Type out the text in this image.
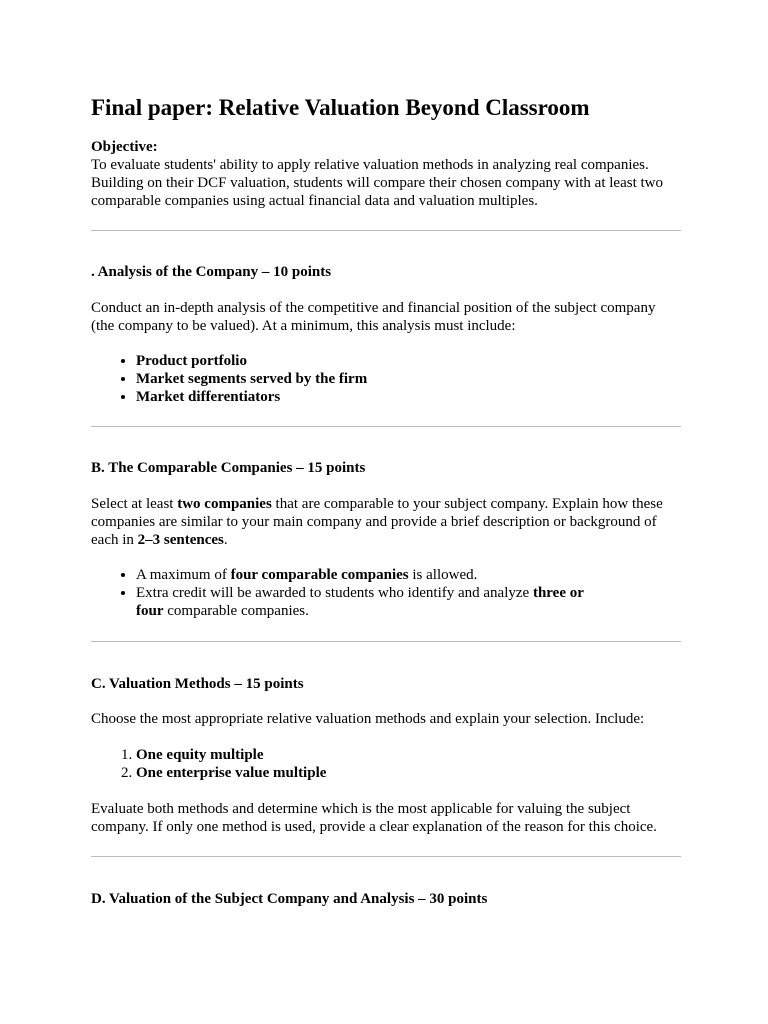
Final paper: Relative Valuation Beyond Classroom
Objective:

To evaluate students' ability to apply relative valuation methods in analyzing real companies. Building on their DCF valuation, students will compare their chosen company with at least two comparable companies using actual financial data and valuation multiples.

. Analysis of the Company – 10 points

Conduct an in-depth analysis of the competitive and financial position of the subject company (the company to be valued). At a minimum, this analysis must include:

• Product portfolio
• Market segments served by the firm
• Market differentiators
B. The Comparable Companies – 15 points

Select at least two companies that are comparable to your subject company. Explain how these companies are similar to your main company and provide a brief description or background of each in 2–3 sentences.

• A maximum of four comparable companies is allowed.
• Extra credit will be awarded to students who identify and analyze three or four comparable companies.
C. Valuation Methods – 15 points

Choose the most appropriate relative valuation methods and explain your selection. Include:

1. One equity multiple
2. One enterprise value multiple

Evaluate both methods and determine which is the most applicable for valuing the subject company. If only one method is used, provide a clear explanation of the reason for this choice.

D. Valuation of the Subject Company and Analysis – 30 points
